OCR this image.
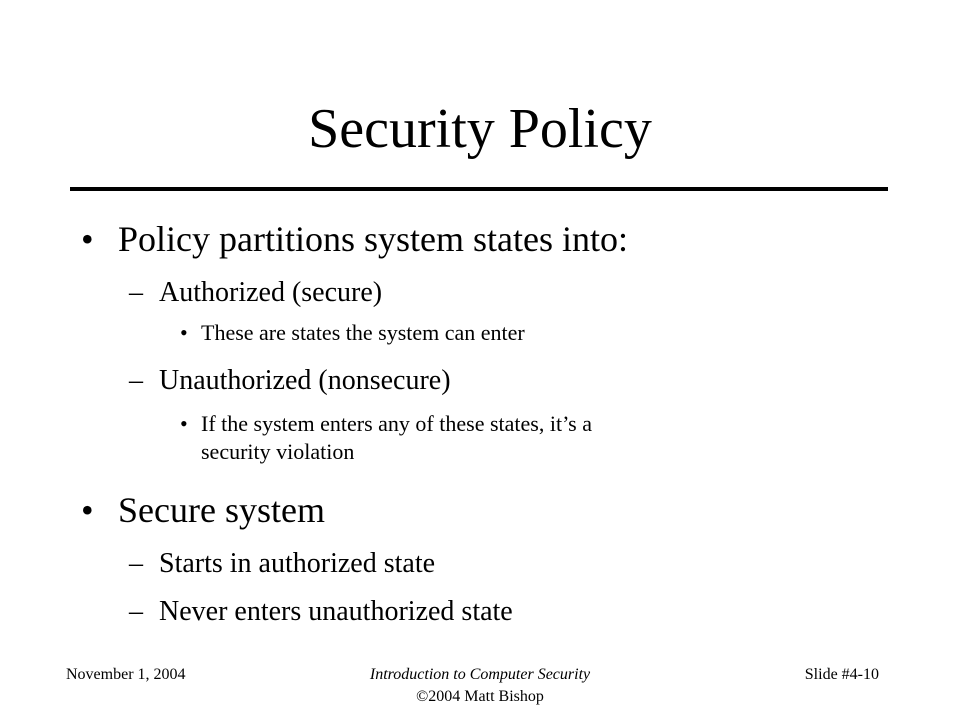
Security Policy
• Policy partitions system states into:
– Authorized (secure)
• These are states the system can enter
– Unauthorized (nonsecure)
• If the system enters any of these states, it’s a
security violation
• Secure system
– Starts in authorized state
– Never enters unauthorized state
November 1, 2004	Introduction to Computer Security
©2004 Matt Bishop
Slide #4-10
